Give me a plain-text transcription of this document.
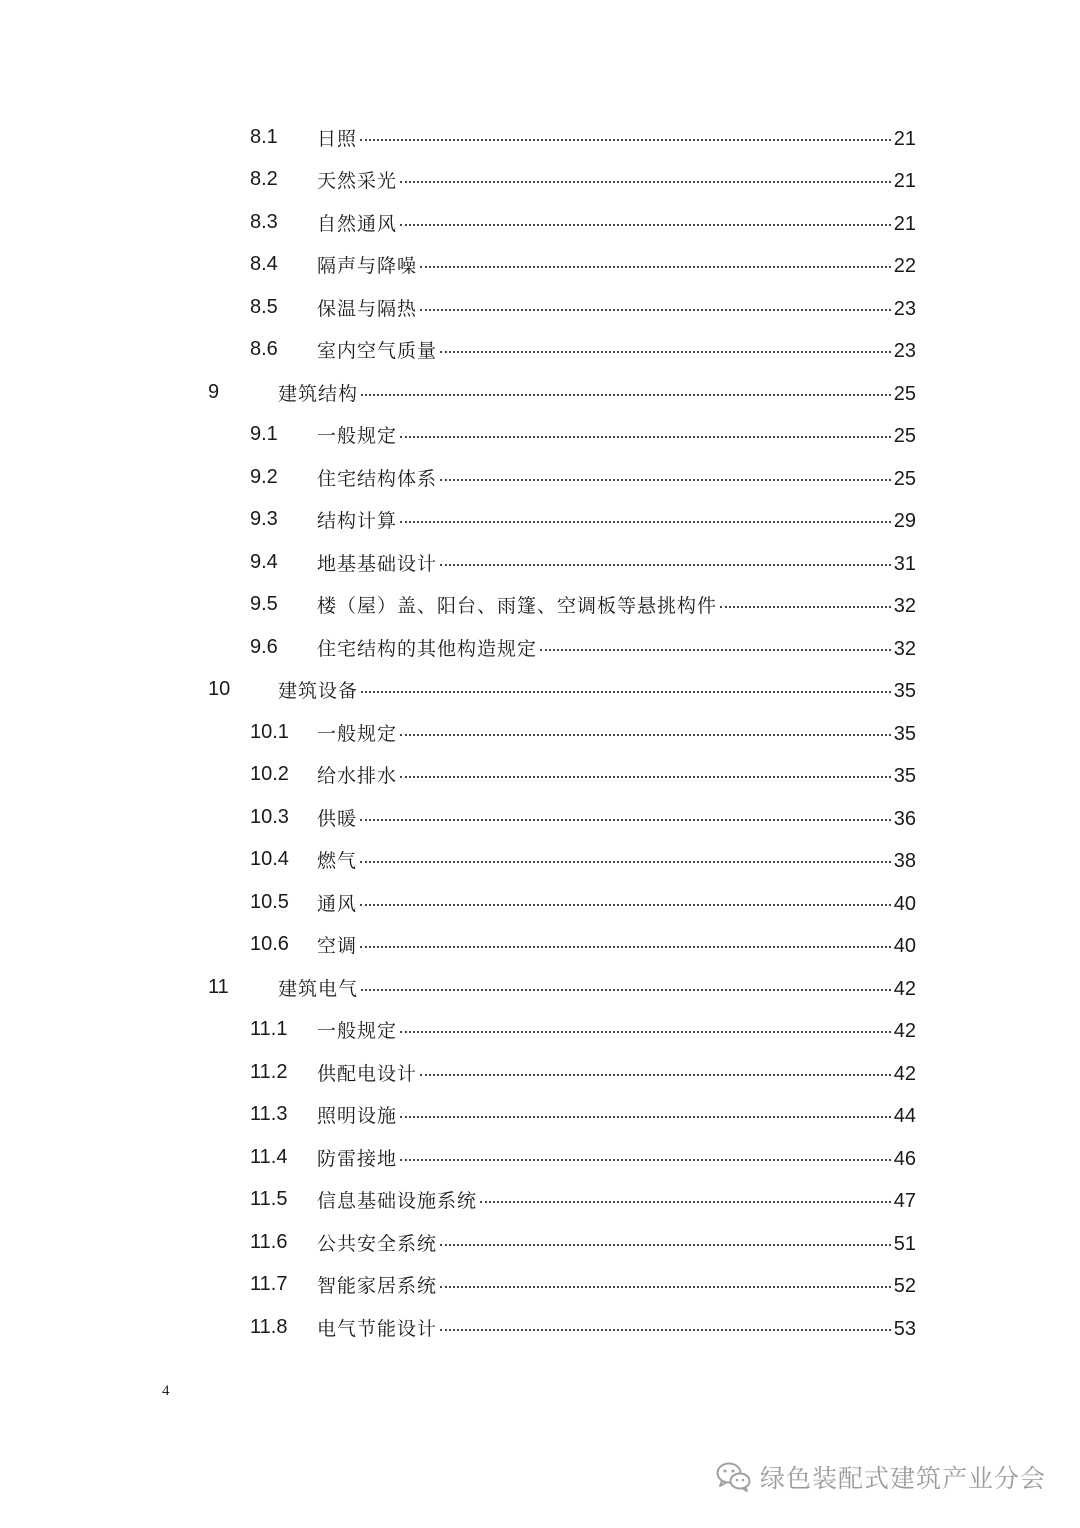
8.1 日照	21
8.2 天然采光	21
8.3 自然通风	21
8.4 隔声与降噪	22
8.5 保温与隔热	23
8.6 室内空气质量	23
9	建筑结构	25
9.1 一般规定	25
9.2 住宅结构体系	25
9.3 结构计算	29
9.4 地基基础设计	31
9.5 楼（屋）盖、阳台、雨篷、空调板等悬挑构件	32
9.6 住宅结构的其他构造规定	32
10	建筑设备	35
10.1 一般规定	35
10.2 给水排水	35
10.3 供暖	36
10.4 燃气	38
10.5 通风	40
10.6 空调	40
11	建筑电气	42
11.1 一般规定	42
11.2 供配电设计	42
11.3 照明设施	44
11.4 防雷接地	46
11.5 信息基础设施系统	47
11.6 公共安全系统	51
11.7 智能家居系统	52
11.8 电气节能设计	53
4
绿色装配式建筑产业分会
